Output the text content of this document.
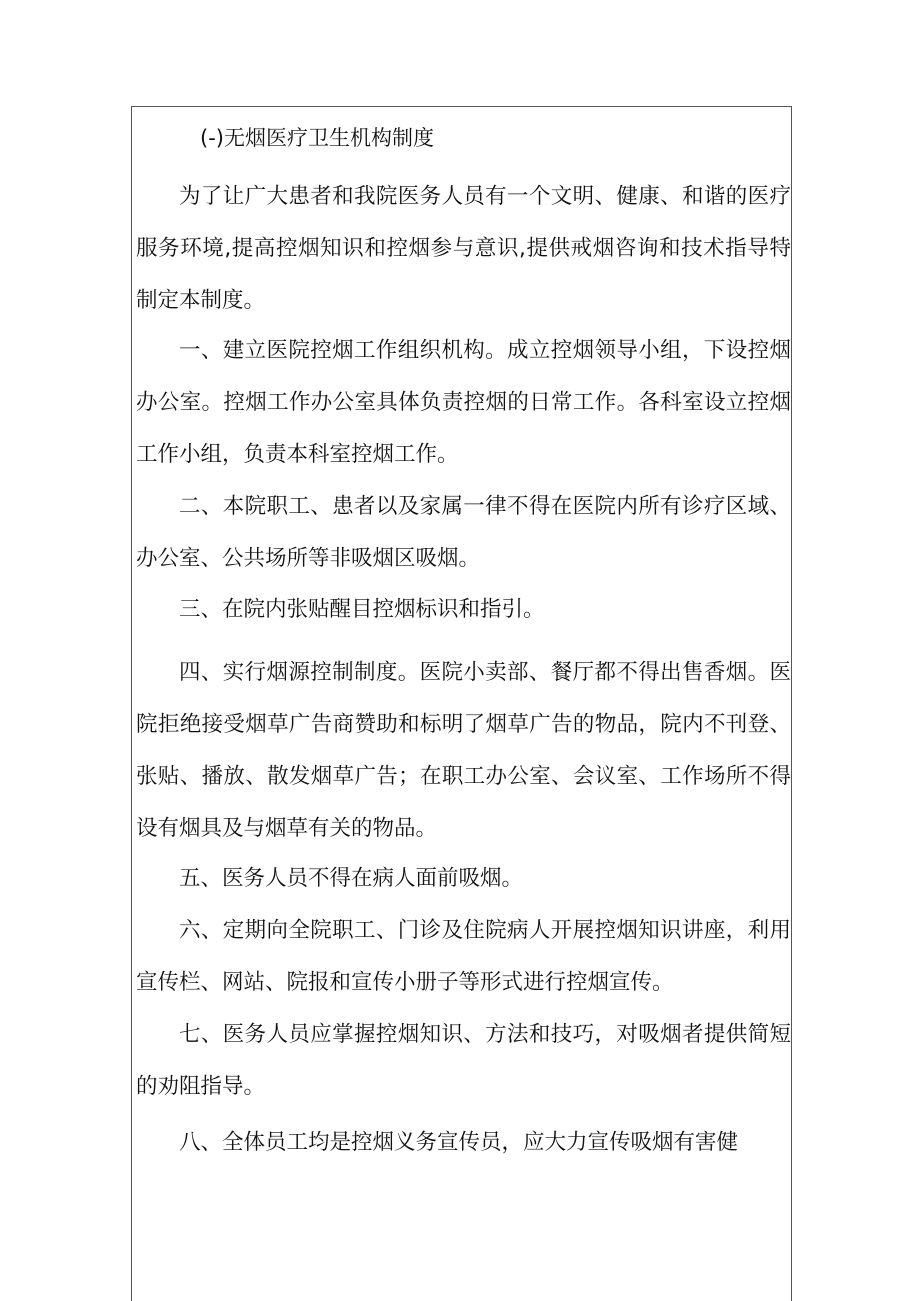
(-)无烟医疗卫生机构制度

为了让广大患者和我院医务人员有一个文明、健康、和谐的医疗服务环境,提高控烟知识和控烟参与意识,提供戒烟咨询和技术指导特制定本制度。

一、建立医院控烟工作组织机构。成立控烟领导小组，下设控烟办公室。控烟工作办公室具体负责控烟的日常工作。各科室设立控烟工作小组，负责本科室控烟工作。

二、本院职工、患者以及家属一律不得在医院内所有诊疗区域、办公室、公共场所等非吸烟区吸烟。

三、在院内张贴醒目控烟标识和指引。

四、实行烟源控制制度。医院小卖部、餐厅都不得出售香烟。医院拒绝接受烟草广告商赞助和标明了烟草广告的物品，院内不刊登、张贴、播放、散发烟草广告；在职工办公室、会议室、工作场所不得设有烟具及与烟草有关的物品。

五、医务人员不得在病人面前吸烟。

六、定期向全院职工、门诊及住院病人开展控烟知识讲座，利用宣传栏、网站、院报和宣传小册子等形式进行控烟宣传。

七、医务人员应掌握控烟知识、方法和技巧，对吸烟者提供简短的劝阻指导。

八、全体员工均是控烟义务宣传员，应大力宣传吸烟有害健
